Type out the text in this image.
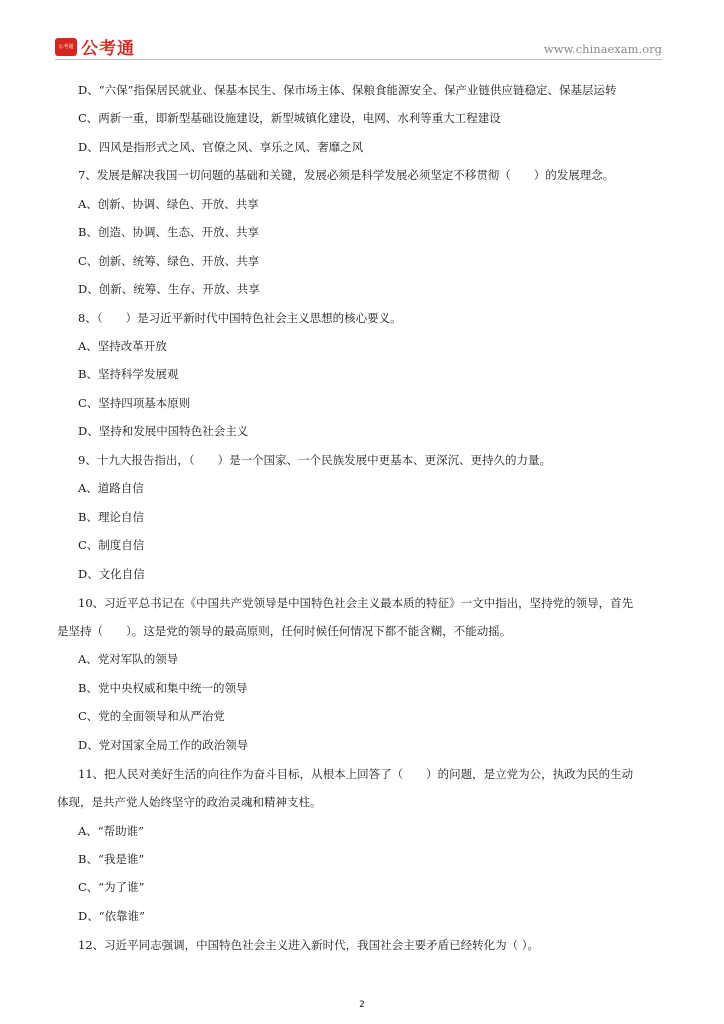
公考通 公考通	www.chinaexam.org
D、“六保”指保居民就业、保基本民生、保市场主体、保粮食能源安全、保产业链供应链稳定、保基层运转
C、两新一重，即新型基础设施建设，新型城镇化建设，电网、水利等重大工程建设
D、四风是指形式之风、官僚之风、享乐之风、奢靡之风
7、发展是解决我国一切问题的基础和关键，发展必须是科学发展必须坚定不移贯彻（　　）的发展理念。
A、创新、协调、绿色、开放、共享
B、创造、协调、生态、开放、共享
C、创新、统筹、绿色、开放、共享
D、创新、统筹、生存、开放、共享
8、（　　）是习近平新时代中国特色社会主义思想的核心要义。
A、坚持改革开放
B、坚持科学发展观
C、坚持四项基本原则
D、坚持和发展中国特色社会主义
9、十九大报告指出，（　　）是一个国家、一个民族发展中更基本、更深沉、更持久的力量。
A、道路自信
B、理论自信
C、制度自信
D、文化自信
10、习近平总书记在《中国共产党领导是中国特色社会主义最本质的特征》一文中指出，坚持党的领导，首先
是坚持（　　）。这是党的领导的最高原则，任何时候任何情况下都不能含糊，不能动摇。
A、党对军队的领导
B、党中央权威和集中统一的领导
C、党的全面领导和从严治党
D、党对国家全局工作的政治领导
11、把人民对美好生活的向往作为奋斗目标，从根本上回答了（　　）的问题，是立党为公，执政为民的生动
体现，是共产党人始终坚守的政治灵魂和精神支柱。
A、“帮助谁”
B、“我是谁”
C、“为了谁”
D、“依靠谁”
12、习近平同志强调，中国特色社会主义进入新时代，我国社会主要矛盾已经转化为（ ）。
2
